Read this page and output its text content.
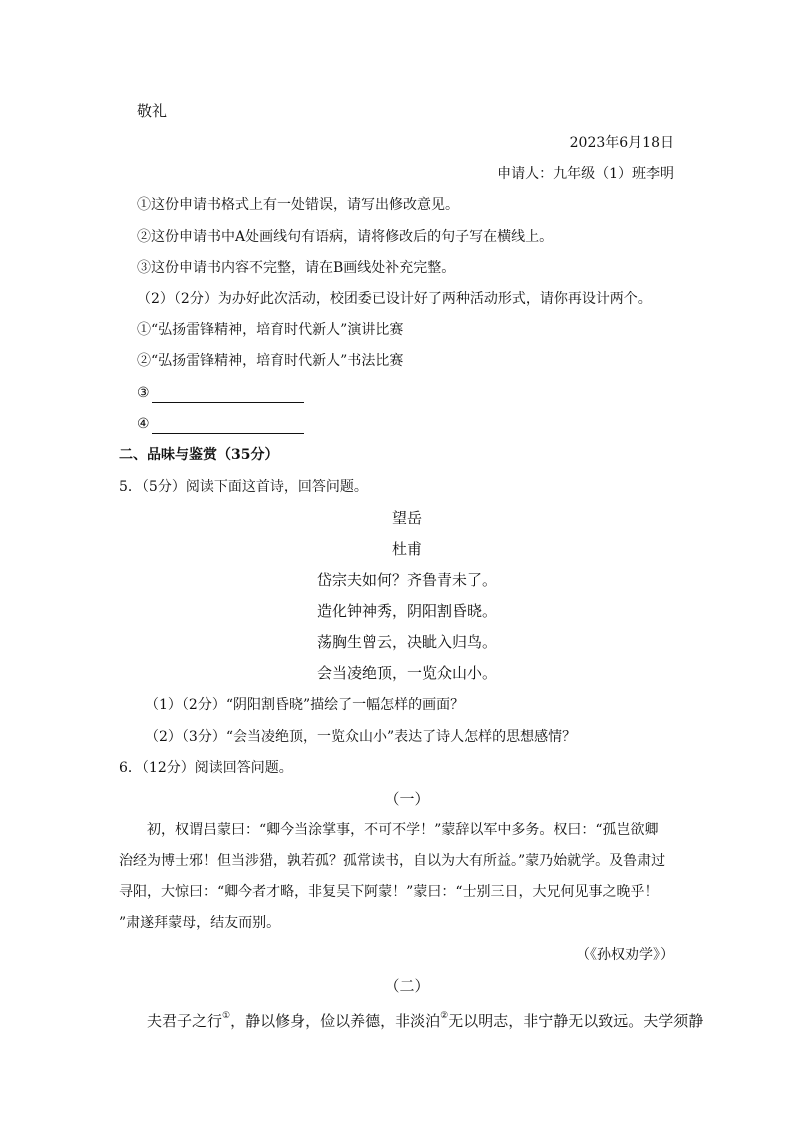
敬礼
2023年6月18日
申请人：九年级（1）班李明
①这份申请书格式上有一处错误，请写出修改意见。
②这份申请书中A处画线句有语病，请将修改后的句子写在横线上。
③这份申请书内容不完整，请在B画线处补充完整。
（2）（2分）为办好此次活动，校团委已设计好了两种活动形式，请你再设计两个。
①“弘扬雷锋精神，培育时代新人”演讲比赛
②“弘扬雷锋精神，培育时代新人”书法比赛
③
④
二、品味与鉴赏（35分）
5．（5分）阅读下面这首诗，回答问题。
望岳
杜甫
岱宗夫如何？齐鲁青未了。
造化钟神秀，阴阳割昏晓。
荡胸生曾云，决眦入归鸟。
会当凌绝顶，一览众山小。
（1）（2分）“阴阳割昏晓”描绘了一幅怎样的画面？
（2）（3分）“会当凌绝顶，一览众山小”表达了诗人怎样的思想感情？
6．（12分）阅读回答问题。
（一）
初，权谓吕蒙曰：“卿今当涂掌事，不可不学！”蒙辞以军中多务。权曰：“孤岂欲卿
治经为博士邪！但当涉猎，孰若孤？孤常读书，自以为大有所益。”蒙乃始就学。及鲁肃过
寻阳，大惊曰：“卿今者才略，非复吴下阿蒙！”蒙曰：“士别三日，大兄何见事之晚乎！
”肃遂拜蒙母，结友而别。
（《孙权劝学》）
（二）
夫君子之行①，静以修身，俭以养德，非淡泊②无以明志，非宁静无以致远。夫学须静
